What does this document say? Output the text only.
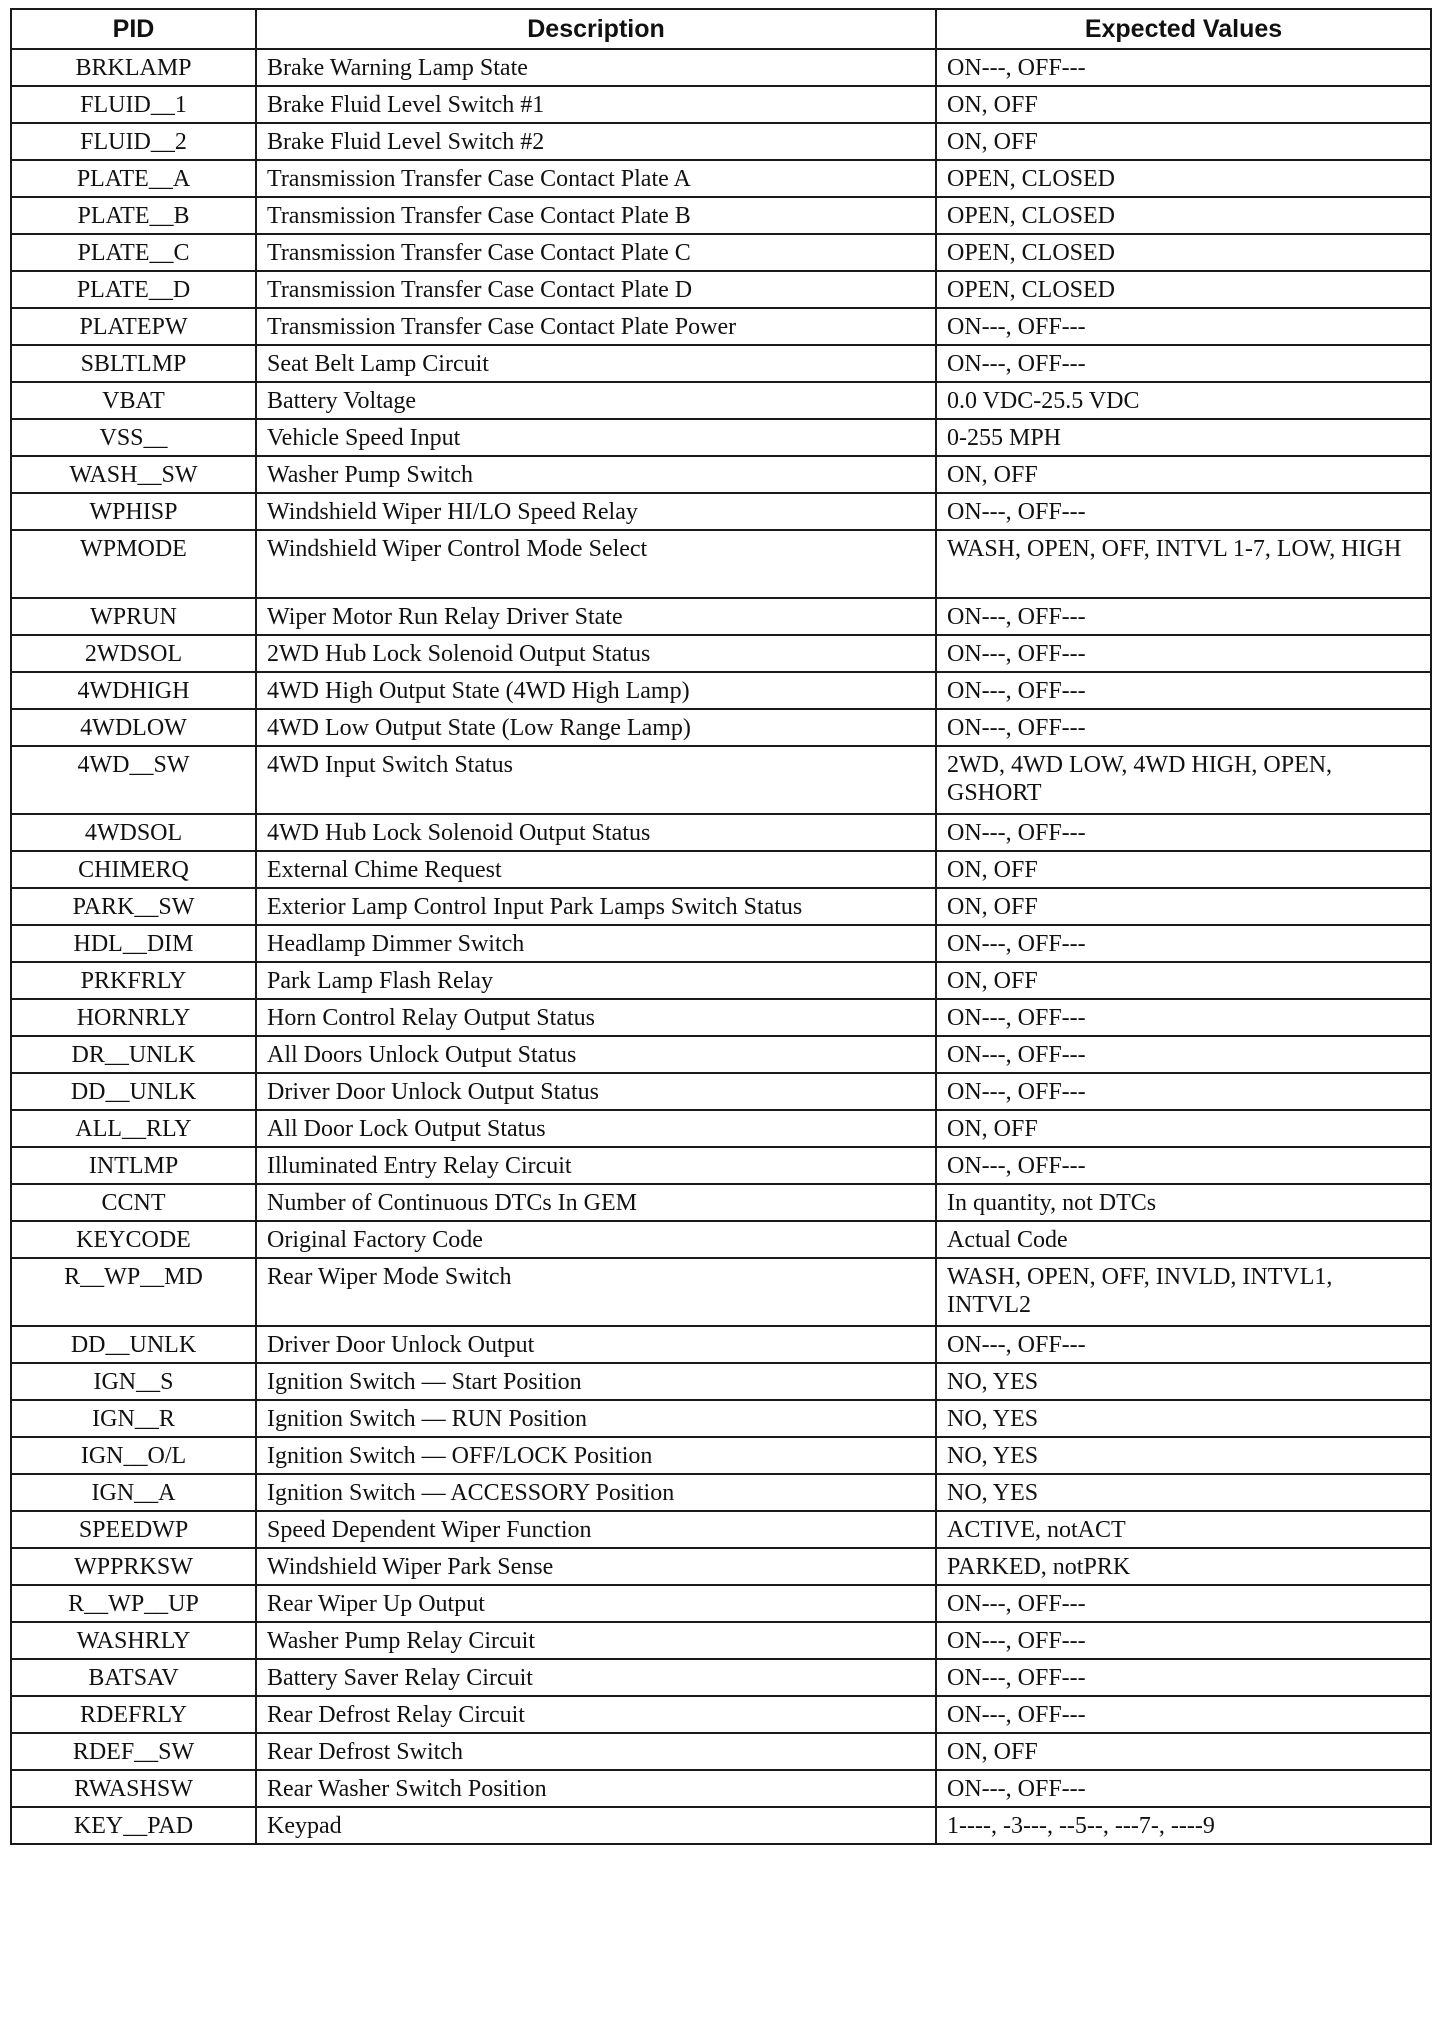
PID	Description	Expected Values
BRKLAMP	Brake Warning Lamp State	ON---, OFF---
FLUID__1	Brake Fluid Level Switch #1	ON, OFF
FLUID__2	Brake Fluid Level Switch #2	ON, OFF
PLATE__A	Transmission Transfer Case Contact Plate A	OPEN, CLOSED
PLATE__B	Transmission Transfer Case Contact Plate B	OPEN, CLOSED
PLATE__C	Transmission Transfer Case Contact Plate C	OPEN, CLOSED
PLATE__D	Transmission Transfer Case Contact Plate D	OPEN, CLOSED
PLATEPW	Transmission Transfer Case Contact Plate Power	ON---, OFF---
SBLTLMP	Seat Belt Lamp Circuit	ON---, OFF---
VBAT	Battery Voltage	0.0 VDC-25.5 VDC
VSS__	Vehicle Speed Input	0-255 MPH
WASH__SW	Washer Pump Switch	ON, OFF
WPHISP	Windshield Wiper HI/LO Speed Relay	ON---, OFF---
WPMODE	Windshield Wiper Control Mode Select	WASH, OPEN, OFF, INTVL 1-7, LOW, HIGH
WPRUN	Wiper Motor Run Relay Driver State	ON---, OFF---
2WDSOL	2WD Hub Lock Solenoid Output Status	ON---, OFF---
4WDHIGH	4WD High Output State (4WD High Lamp)	ON---, OFF---
4WDLOW	4WD Low Output State (Low Range Lamp)	ON---, OFF---
4WD__SW	4WD Input Switch Status	2WD, 4WD LOW, 4WD HIGH, OPEN, GSHORT
4WDSOL	4WD Hub Lock Solenoid Output Status	ON---, OFF---
CHIMERQ	External Chime Request	ON, OFF
PARK__SW	Exterior Lamp Control Input Park Lamps Switch Status	ON, OFF
HDL__DIM	Headlamp Dimmer Switch	ON---, OFF---
PRKFRLY	Park Lamp Flash Relay	ON, OFF
HORNRLY	Horn Control Relay Output Status	ON---, OFF---
DR__UNLK	All Doors Unlock Output Status	ON---, OFF---
DD__UNLK	Driver Door Unlock Output Status	ON---, OFF---
ALL__RLY	All Door Lock Output Status	ON, OFF
INTLMP	Illuminated Entry Relay Circuit	ON---, OFF---
CCNT	Number of Continuous DTCs In GEM	In quantity, not DTCs
KEYCODE	Original Factory Code	Actual Code
R__WP__MD	Rear Wiper Mode Switch	WASH, OPEN, OFF, INVLD, INTVL1, INTVL2
DD__UNLK	Driver Door Unlock Output	ON---, OFF---
IGN__S	Ignition Switch — Start Position	NO, YES
IGN__R	Ignition Switch — RUN Position	NO, YES
IGN__O/L	Ignition Switch — OFF/LOCK Position	NO, YES
IGN__A	Ignition Switch — ACCESSORY Position	NO, YES
SPEEDWP	Speed Dependent Wiper Function	ACTIVE, notACT
WPPRKSW	Windshield Wiper Park Sense	PARKED, notPRK
R__WP__UP	Rear Wiper Up Output	ON---, OFF---
WASHRLY	Washer Pump Relay Circuit	ON---, OFF---
BATSAV	Battery Saver Relay Circuit	ON---, OFF---
RDEFRLY	Rear Defrost Relay Circuit	ON---, OFF---
RDEF__SW	Rear Defrost Switch	ON, OFF
RWASHSW	Rear Washer Switch Position	ON---, OFF---
KEY__PAD	Keypad	1----, -3---, --5--, ---7-, ----9
